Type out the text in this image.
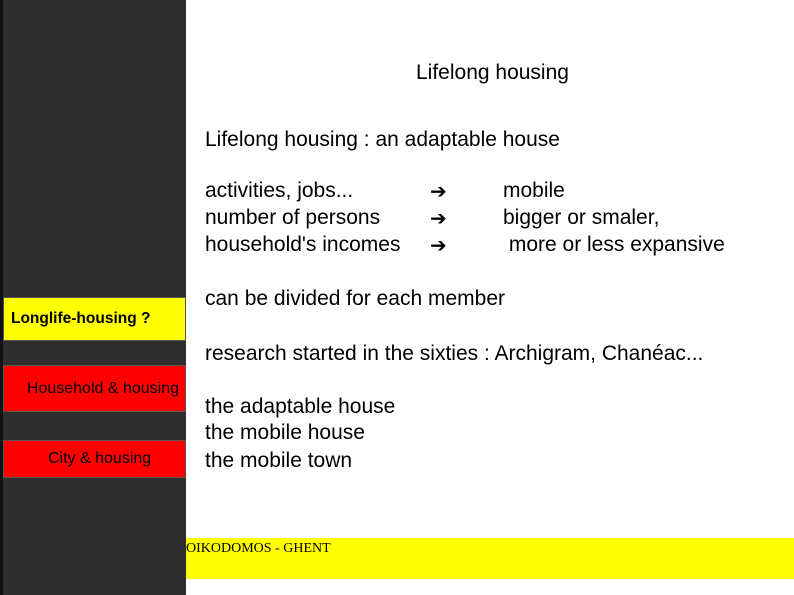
Longlife-housing ?
Household & housing
City & housing
Lifelong housing
Lifelong housing : an adaptable house
activities, jobs...	➔	mobile
number of persons ➔	bigger or smaler,
household's incomes ➔	more or less expansive
can be divided for each member
research started in the sixties : Archigram, Chanéac...
the adaptable house
the mobile house
the mobile town
OIKODOMOS - GHENT
